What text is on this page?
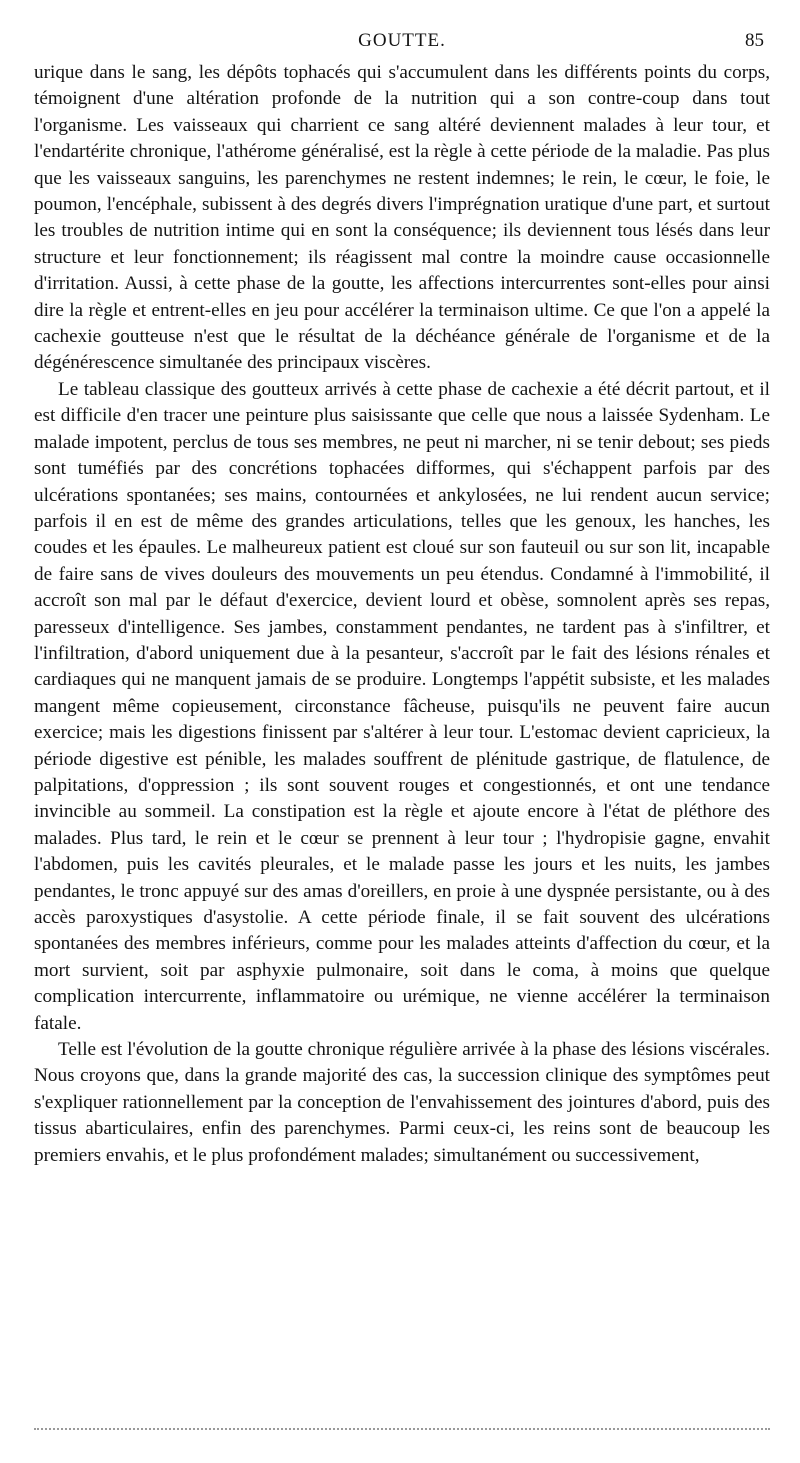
GOUTTE.	85

urique dans le sang, les dépôts tophacés qui s'accumulent dans les différents points du corps, témoignent d'une altération profonde de la nutrition qui a son contre-coup dans tout l'organisme. Les vaisseaux qui charrient ce sang altéré deviennent malades à leur tour, et l'endartérite chronique, l'athérome généralisé, est la règle à cette période de la maladie. Pas plus que les vaisseaux sanguins, les parenchymes ne restent indemnes; le rein, le cœur, le foie, le poumon, l'encéphale, subissent à des degrés divers l'imprégnation uratique d'une part, et surtout les troubles de nutrition intime qui en sont la conséquence; ils deviennent tous lésés dans leur structure et leur fonctionnement; ils réagissent mal contre la moindre cause occasionnelle d'irritation. Aussi, à cette phase de la goutte, les affections intercurrentes sont-elles pour ainsi dire la règle et entrent-elles en jeu pour accélérer la terminaison ultime. Ce que l'on a appelé la cachexie goutteuse n'est que le résultat de la déchéance générale de l'organisme et de la dégénérescence simultanée des principaux viscères.

Le tableau classique des goutteux arrivés à cette phase de cachexie a été décrit partout, et il est difficile d'en tracer une peinture plus saisissante que celle que nous a laissée Sydenham. Le malade impotent, perclus de tous ses membres, ne peut ni marcher, ni se tenir debout; ses pieds sont tuméfiés par des concrétions tophacées difformes, qui s'échappent parfois par des ulcérations spontanées; ses mains, contournées et ankylosées, ne lui rendent aucun service; parfois il en est de même des grandes articulations, telles que les genoux, les hanches, les coudes et les épaules. Le malheureux patient est cloué sur son fauteuil ou sur son lit, incapable de faire sans de vives douleurs des mouvements un peu étendus. Condamné à l'immobilité, il accroît son mal par le défaut d'exercice, devient lourd et obèse, somnolent après ses repas, paresseux d'intelligence. Ses jambes, constamment pendantes, ne tardent pas à s'infiltrer, et l'infiltration, d'abord uniquement due à la pesanteur, s'accroît par le fait des lésions rénales et cardiaques qui ne manquent jamais de se produire. Longtemps l'appétit subsiste, et les malades mangent même copieusement, circonstance fâcheuse, puisqu'ils ne peuvent faire aucun exercice; mais les digestions finissent par s'altérer à leur tour. L'estomac devient capricieux, la période digestive est pénible, les malades souffrent de plénitude gastrique, de flatulence, de palpitations, d'oppression ; ils sont souvent rouges et congestionnés, et ont une tendance invincible au sommeil. La constipation est la règle et ajoute encore à l'état de pléthore des malades. Plus tard, le rein et le cœur se prennent à leur tour ; l'hydropisie gagne, envahit l'abdomen, puis les cavités pleurales, et le malade passe les jours et les nuits, les jambes pendantes, le tronc appuyé sur des amas d'oreillers, en proie à une dyspnée persistante, ou à des accès paroxystiques d'asystolie. A cette période finale, il se fait souvent des ulcérations spontanées des membres inférieurs, comme pour les malades atteints d'affection du cœur, et la mort survient, soit par asphyxie pulmonaire, soit dans le coma, à moins que quelque complication intercurrente, inflammatoire ou urémique, ne vienne accélérer la terminaison fatale.

Telle est l'évolution de la goutte chronique régulière arrivée à la phase des lésions viscérales. Nous croyons que, dans la grande majorité des cas, la succession clinique des symptômes peut s'expliquer rationnellement par la conception de l'envahissement des jointures d'abord, puis des tissus abarticulaires, enfin des parenchymes. Parmi ceux-ci, les reins sont de beaucoup les premiers envahis, et le plus profondément malades; simultanément ou successivement,
